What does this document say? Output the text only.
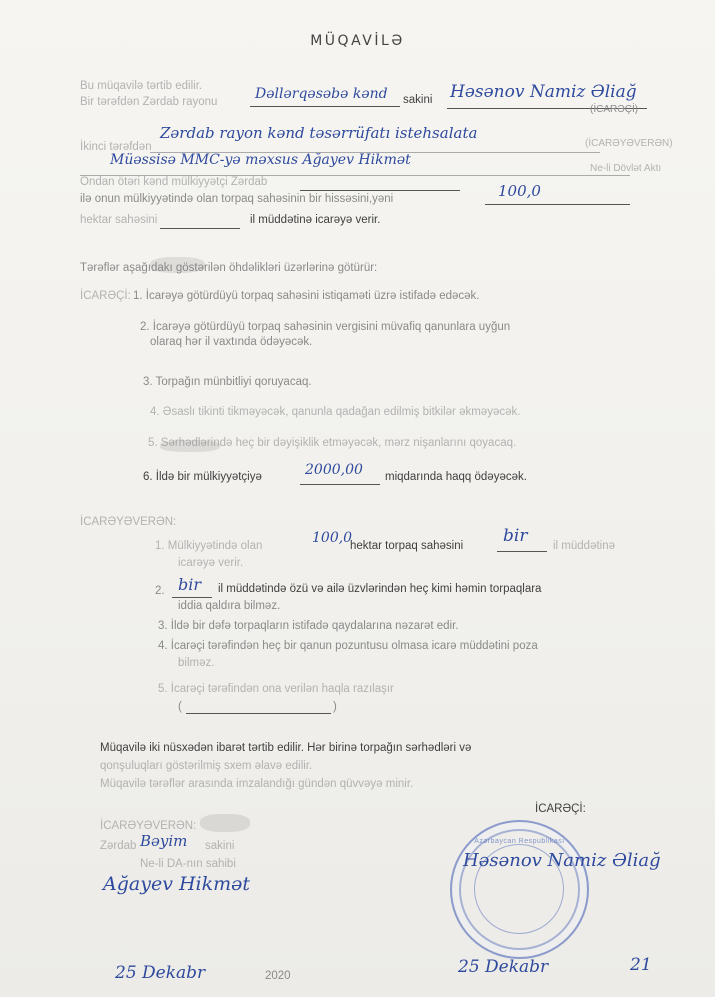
MÜQAVİLƏ
Bu müqavilə tərtib edilir.
Bir tərəfdən Zərdab rayonu	Dəllərqəsəbə kənd sakini Həsənov Namiz Əliağ
(İCARƏÇİ)
İkinci tərəfdən
Zərdab rayon kənd təsərrüfatı istehsalata
(İCARƏYƏVERƏN)
Müəssisə MMC-yə məxsus Ağayev Hikmət
Ondan ötəri kənd mülkiyyətçi Zərdab
Ne-li Dövlət Aktı
ilə onun mülkiyyətində olan torpaq sahəsinin bir hissəsini,yəni	100,0
hektar sahəsini	il müddətinə icarəyə verir.
Tərəflər aşağıdakı göstərilən öhdəlikləri üzərlərinə götürür:
İCARƏÇİ: 1. İcarəyə götürdüyü torpaq sahəsini istiqaməti üzrə istifadə edəcək.
2. İcarəyə götürdüyü torpaq sahəsinin vergisini müvafiq qanunlara uyğun
olaraq hər il vaxtında ödəyəcək.
3. Torpağın münbitliyi qoruyacaq.
4. Əsaslı tikinti tikməyəcək, qanunla qadağan edilmiş bitkilər əkməyəcək.
5. Sərhədlərində heç bir dəyişiklik etməyəcək, mərz nişanlarını qoyacaq.
6. İldə bir mülkiyyətçiyə	2000,00 miqdarında haqq ödəyəcək.
İCARƏYƏVERƏN:
1. Mülkiyyətində olan	100,0
hektar torpaq sahəsini bir il müddətinə
icarəyə verir.
2. bir il müddətində özü və ailə üzvlərindən heç kimi həmin torpaqlara
iddia qaldıra bilməz.
3. İldə bir dəfə torpaqların istifadə qaydalarına nəzarət edir.
4. İcarəçi tərəfindən heç bir qanun pozuntusu olmasa icarə müddətini poza
bilməz.
5. İcarəçi tərəfindən ona verilən haqla razılaşır
(	)
Müqavilə iki nüsxədən ibarət tərtib edilir. Hər birinə torpağın sərhədləri və
qonşuluqları göstərilmiş sxem əlavə edilir.
Müqavilə tərəflər arasında imzalandığı gündən qüvvəyə minir.
İCARƏÇİ:
Azərbaycan Respublikası
Həsənov Namiz Əliağ
İCARƏYƏVERƏN:
Zərdab Bəyim sakini
Ne-li DA-nın sahibi
Ağayev Hikmət
25 Dekabr	2020	25 Dekabr	21
